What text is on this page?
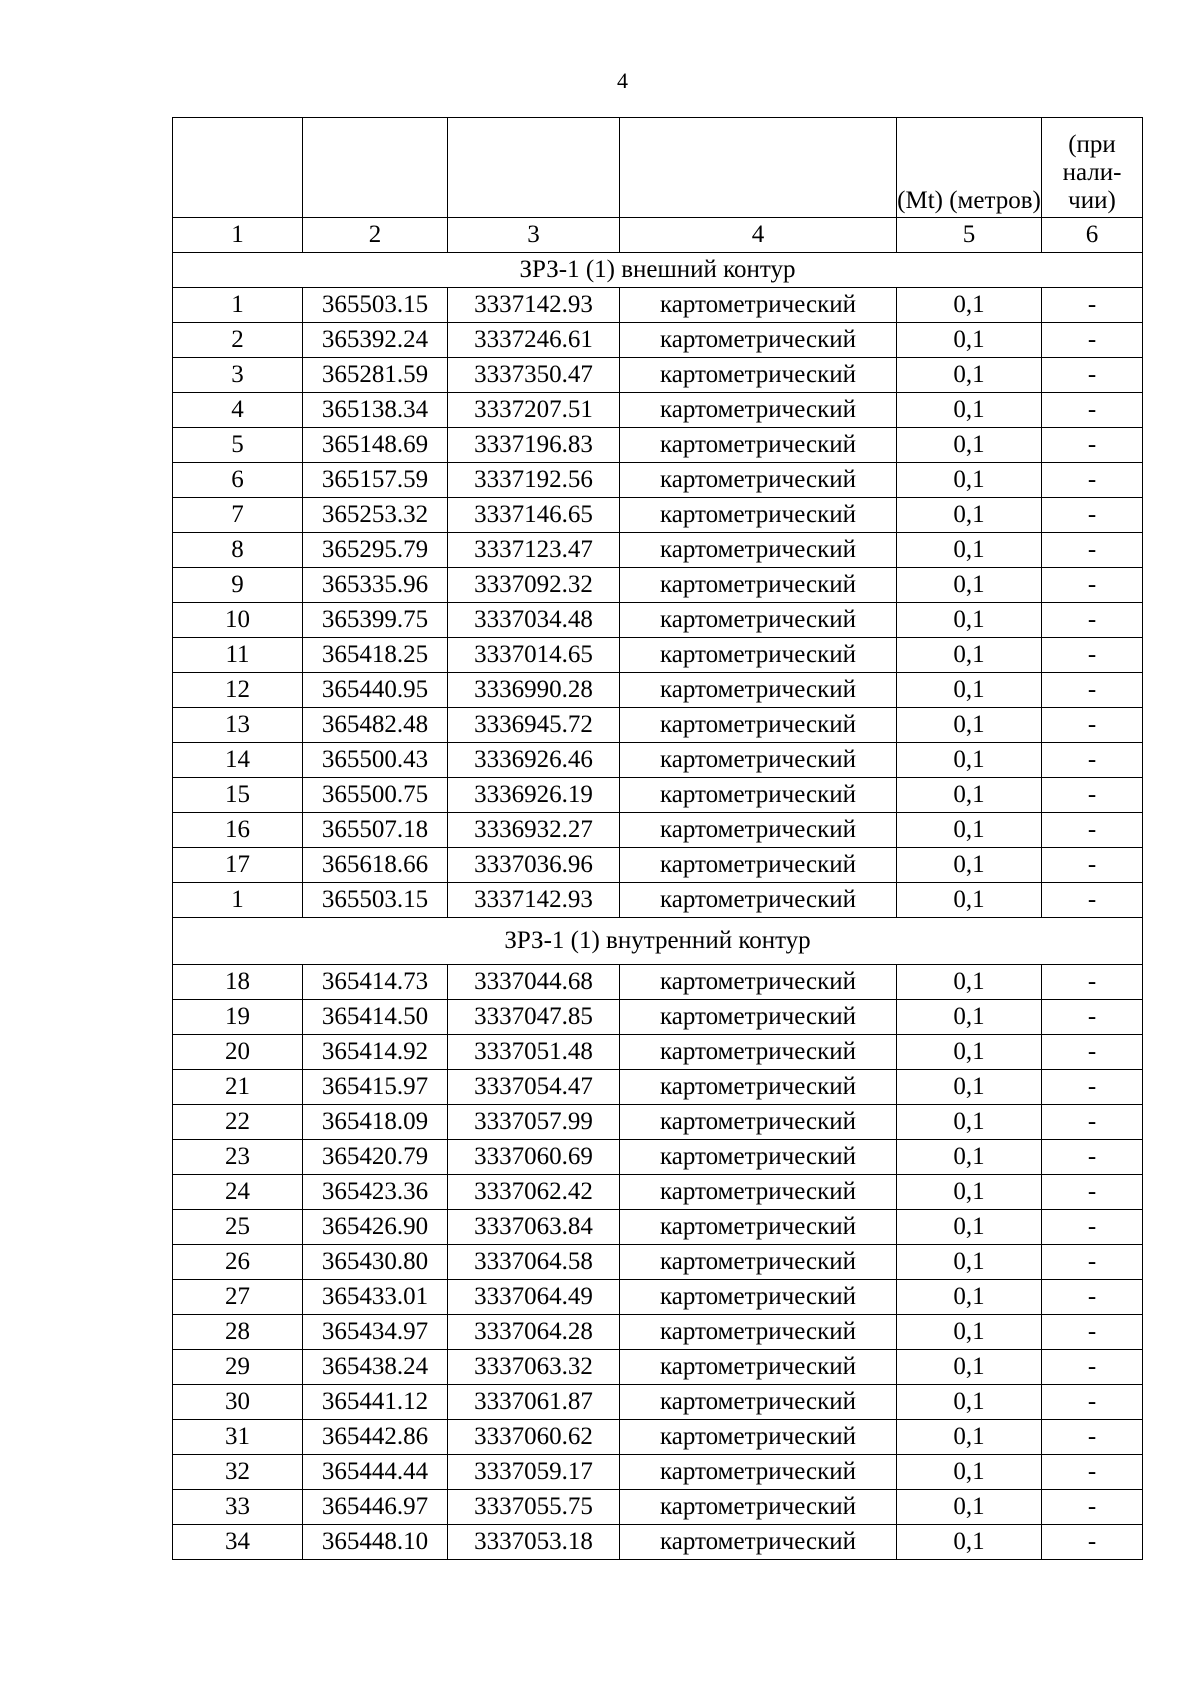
4
				(Mt) (метров)	(при нали-чии)
1	2	3	4	5	6
ЗРЗ-1 (1) внешний контур					
1	365503.15	3337142.93	картометрический	0,1	-
2	365392.24	3337246.61	картометрический	0,1	-
3	365281.59	3337350.47	картометрический	0,1	-
4	365138.34	3337207.51	картометрический	0,1	-
5	365148.69	3337196.83	картометрический	0,1	-
6	365157.59	3337192.56	картометрический	0,1	-
7	365253.32	3337146.65	картометрический	0,1	-
8	365295.79	3337123.47	картометрический	0,1	-
9	365335.96	3337092.32	картометрический	0,1	-
10	365399.75	3337034.48	картометрический	0,1	-
11	365418.25	3337014.65	картометрический	0,1	-
12	365440.95	3336990.28	картометрический	0,1	-
13	365482.48	3336945.72	картометрический	0,1	-
14	365500.43	3336926.46	картометрический	0,1	-
15	365500.75	3336926.19	картометрический	0,1	-
16	365507.18	3336932.27	картометрический	0,1	-
17	365618.66	3337036.96	картометрический	0,1	-
1	365503.15	3337142.93	картометрический	0,1	-
ЗРЗ-1 (1) внутренний контур					
18	365414.73	3337044.68	картометрический	0,1	-
19	365414.50	3337047.85	картометрический	0,1	-
20	365414.92	3337051.48	картометрический	0,1	-
21	365415.97	3337054.47	картометрический	0,1	-
22	365418.09	3337057.99	картометрический	0,1	-
23	365420.79	3337060.69	картометрический	0,1	-
24	365423.36	3337062.42	картометрический	0,1	-
25	365426.90	3337063.84	картометрический	0,1	-
26	365430.80	3337064.58	картометрический	0,1	-
27	365433.01	3337064.49	картометрический	0,1	-
28	365434.97	3337064.28	картометрический	0,1	-
29	365438.24	3337063.32	картометрический	0,1	-
30	365441.12	3337061.87	картометрический	0,1	-
31	365442.86	3337060.62	картометрический	0,1	-
32	365444.44	3337059.17	картометрический	0,1	-
33	365446.97	3337055.75	картометрический	0,1	-
34	365448.10	3337053.18	картометрический	0,1	-
